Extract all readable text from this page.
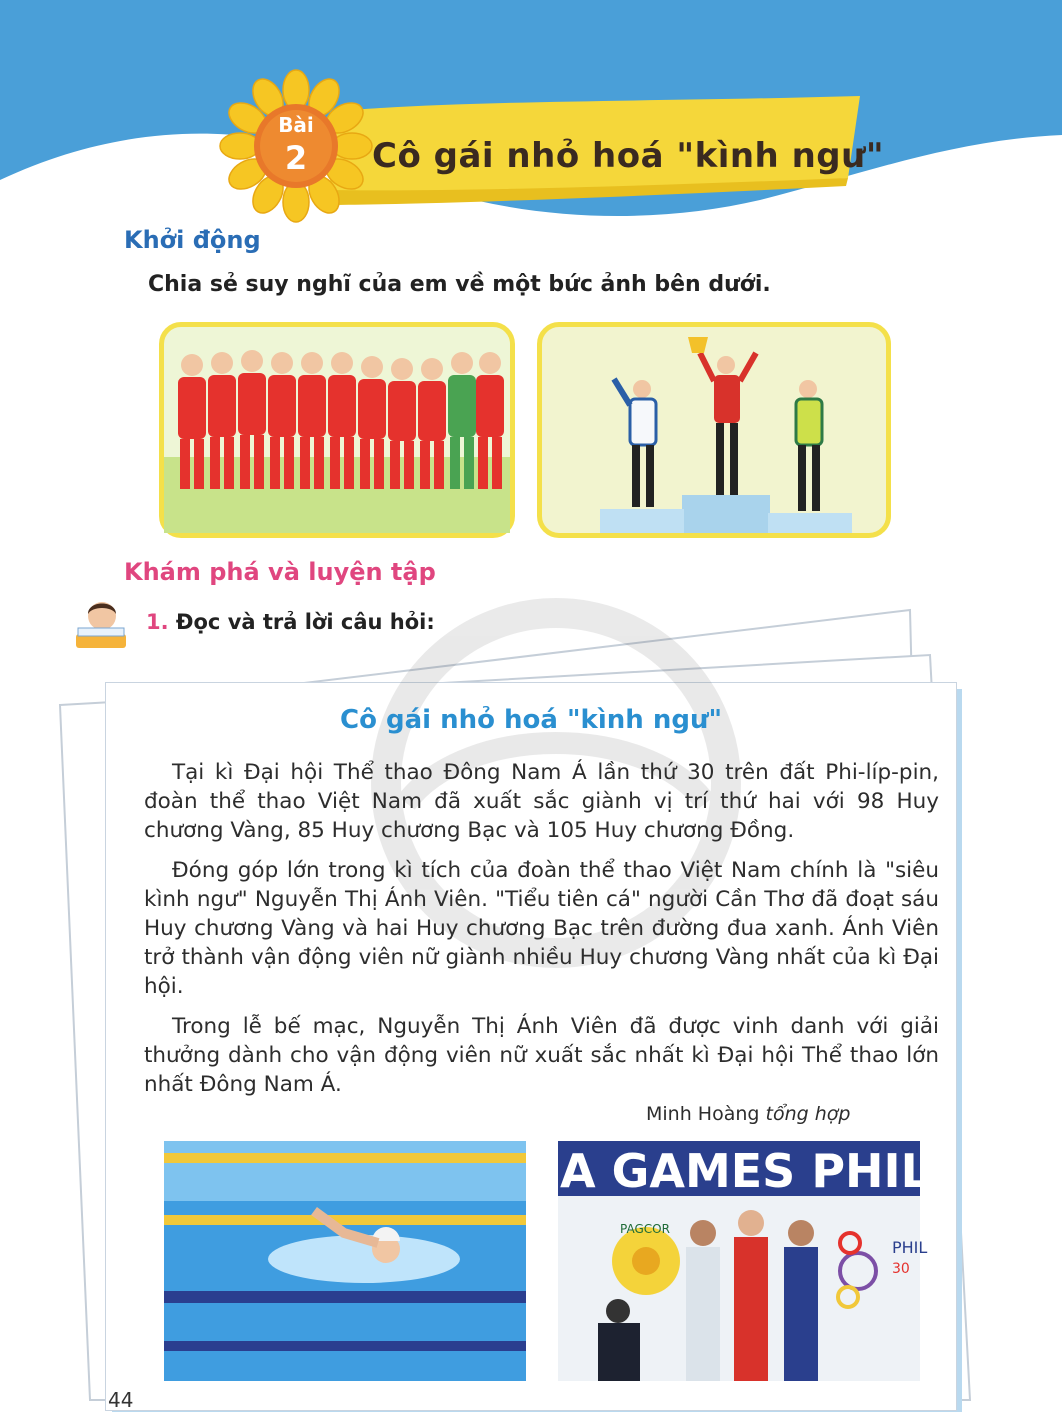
Bài
2	Cô gái nhỏ hoá "kình ngư"
Khởi động
Chia sẻ suy nghĩ của em về một bức ảnh bên dưới.
Khám phá và luyện tập
1. Đọc và trả lời câu hỏi:
Cô gái nhỏ hoá "kình ngư"

Tại kì Đại hội Thể thao Đông Nam Á lần thứ 30 trên đất Phi-líp-pin, đoàn thể thao Việt Nam đã xuất sắc giành vị trí thứ hai với 98 Huy chương Vàng, 85 Huy chương Bạc và 105 Huy chương Đồng.

Đóng góp lớn trong kì tích của đoàn thể thao Việt Nam chính là "siêu kình ngư" Nguyễn Thị Ánh Viên. "Tiểu tiên cá" người Cần Thơ đã đoạt sáu Huy chương Vàng và hai Huy chương Bạc trên đường đua xanh. Ánh Viên trở thành vận động viên nữ giành nhiều Huy chương Vàng nhất của kì Đại hội.

Trong lễ bế mạc, Nguyễn Thị Ánh Viên đã được vinh danh với giải thưởng dành cho vận động viên nữ xuất sắc nhất kì Đại hội Thể thao lớn nhất Đông Nam Á.

Minh Hoàng tổng hợp
A GAMES PHILI
PAGCOR
PHIL
30
44
